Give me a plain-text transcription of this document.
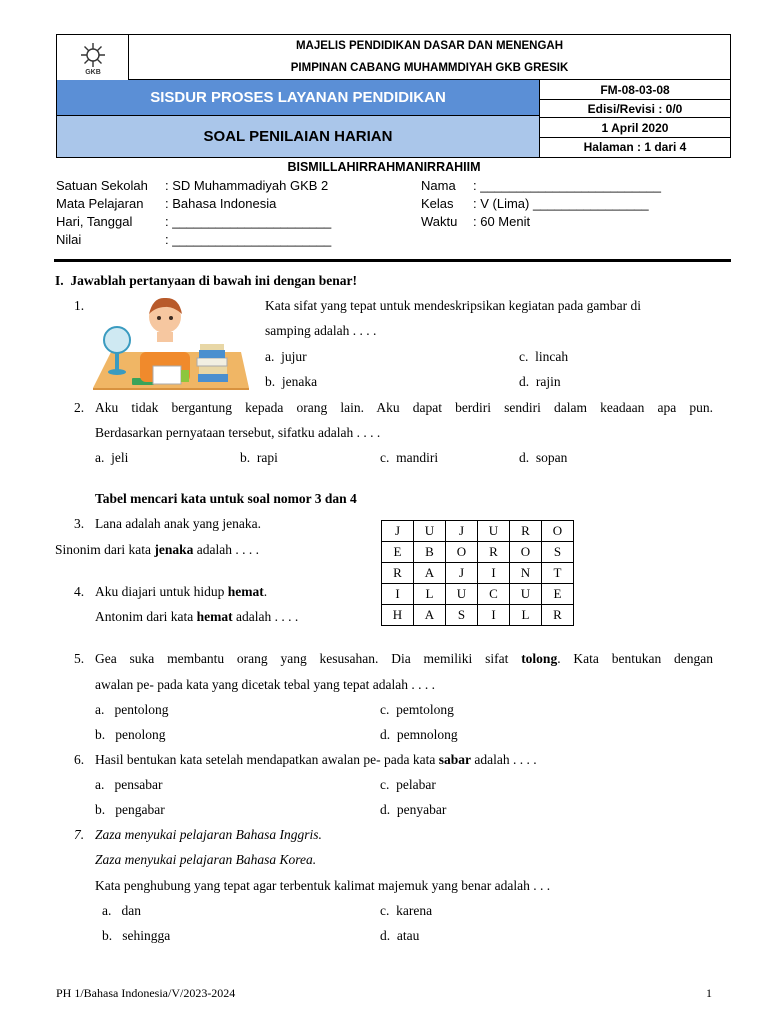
GKB
MAJELIS PENDIDIKAN DASAR DAN MENENGAH
PIMPINAN CABANG MUHAMMDIYAH GKB GRESIK
SISDUR PROSES LAYANAN PENDIDIKAN
SOAL PENILAIAN HARIAN
FM-08-03-08
Edisi/Revisi : 0/0
1 April 2020
Halaman : 1 dari 4
BISMILLAHIRRAHMANIRRAHIIM
Satuan Sekolah : SD Muhammadiyah GKB 2
Mata Pelajaran : Bahasa Indonesia
Hari, Tanggal	: ______________________
Nilai	: ______________________
Nama : _________________________
Kelas : V (Lima) ________________
Waktu : 60 Menit
I. Jawablah pertanyaan di bawah ini dengan benar!
1.	Kata sifat yang tepat untuk mendeskripsikan kegiatan pada gambar di
samping adalah . . . .
a. jujur	c. lincah
b. jenaka	d. rajin
2. Aku tidak bergantung kepada orang lain. Aku dapat berdiri sendiri dalam keadaan apa pun.
Berdasarkan pernyataan tersebut, sifatku adalah . . . .
a. jeli	b. rapi	c. mandiri	d. sopan
Tabel mencari kata untuk soal nomor 3 dan 4
3. Lana adalah anak yang jenaka.
Sinonim dari kata jenaka adalah . . . .
4. Aku diajari untuk hidup hemat.
Antonim dari kata hemat adalah . . . .
J	U	J	U	R	O
E	B	O	R	O	S
R	A	J	I	N	T
I	L	U	C	U	E
H	A	S	I	L	R
5. Gea suka membantu orang yang kesusahan. Dia memiliki sifat tolong. Kata bentukan dengan
awalan pe- pada kata yang dicetak tebal yang tepat adalah . . . .
a. pentolong	c. pemtolong
b. penolong	d. pemnolong
6. Hasil bentukan kata setelah mendapatkan awalan pe- pada kata sabar adalah . . . .
a. pensabar	c. pelabar
b. pengabar	d. penyabar
7. Zaza menyukai pelajaran Bahasa Inggris.
Zaza menyukai pelajaran Bahasa Korea.
Kata penghubung yang tepat agar terbentuk kalimat majemuk yang benar adalah . . .
a. dan	c. karena
b. sehingga	d. atau
PH 1/Bahasa Indonesia/V/2023-2024	1
